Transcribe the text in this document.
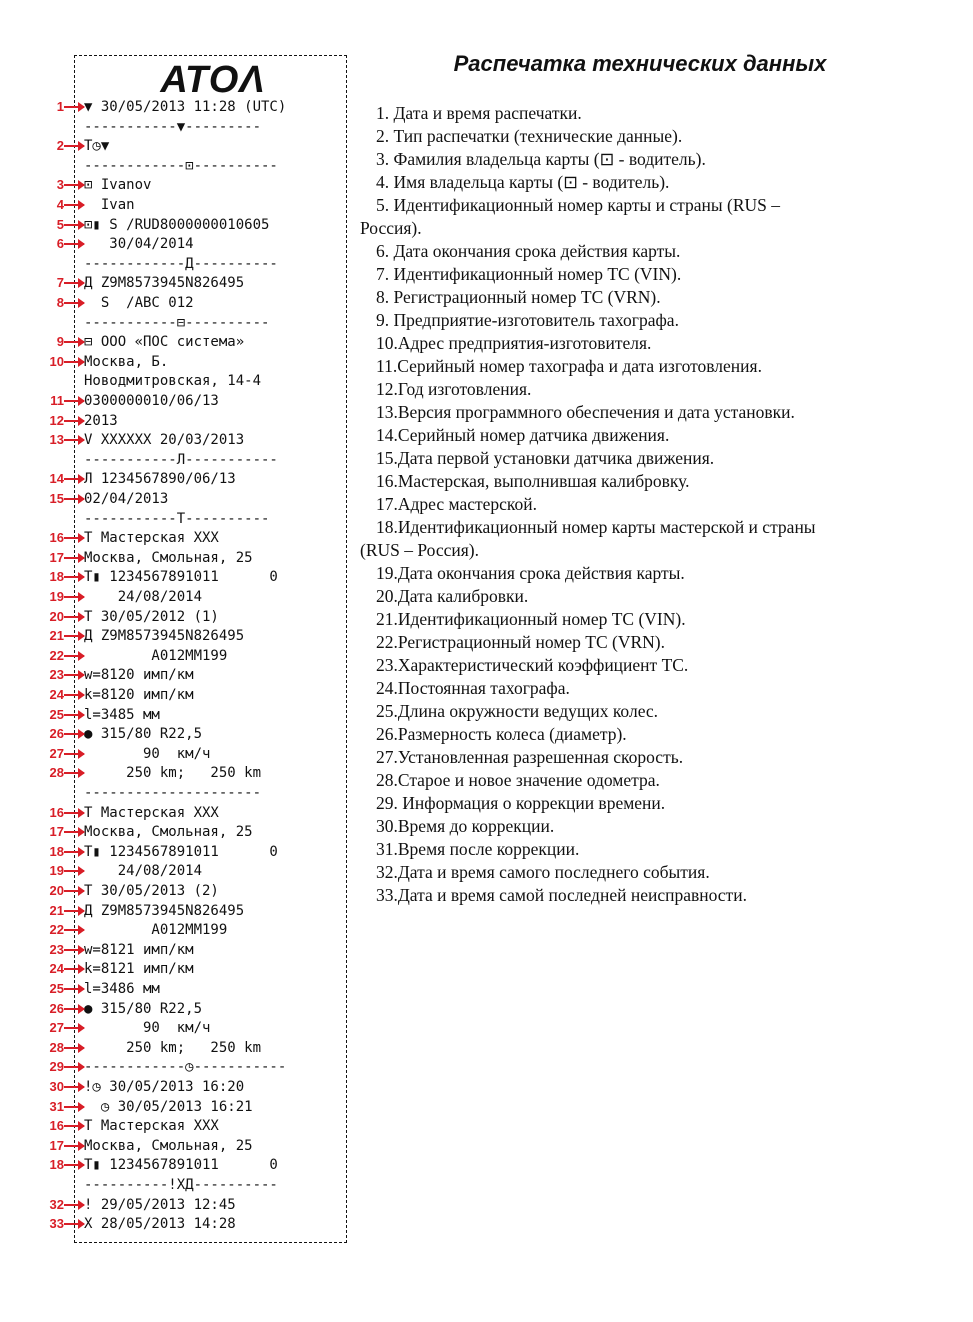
АТОΛ
▼ 30/05/2013 11:28 (UTC)
1
-----------▼---------
T◷▼
2
------------⊡----------
⊡ Ivanov
3
Ivan
4
⊡▮ S /RUD8000000010605
5
30/04/2014
6
------------Д----------
Д Z9M8573945N826495
7
S  /ABC 012
8
-----------⊟----------
⊟ ООО «ПОС система»
9
Москва, Б.
10
Новодмитровская, 14-4
0300000010/06/13
11
2013
12
V XXXXXX 20/03/2013
13
-----------Л-----------
Л 1234567890/06/13
14
02/04/2013
15
-----------T----------
T Мастерская XXX
16
Москва, Смольная, 25
17
T▮ 1234567891011      0
18
24/08/2014
19
T 30/05/2012 (1)
20
Д Z9M8573945N826495
21
A012MM199
22
w=8120 имп/км
23
k=8120 имп/км
24
l=3485 мм
25
● 315/80 R22,5
26
90  км/ч
27
250 km;   250 km
28
---------------------
T Мастерская XXX
16
Москва, Смольная, 25
17
T▮ 1234567891011      0
18
24/08/2014
19
T 30/05/2013 (2)
20
Д Z9M8573945N826495
21
A012MM199
22
w=8121 имп/км
23
k=8121 имп/км
24
l=3486 мм
25
● 315/80 R22,5
26
90  км/ч
27
250 km;   250 km
28
------------◷-----------
29
!◷ 30/05/2013 16:20
30
◷ 30/05/2013 16:21
31
T Мастерская XXX
16
Москва, Смольная, 25
17
T▮ 1234567891011      0
18
----------!XД----------
! 29/05/2013 12:45
32
X 28/05/2013 14:28
33
Распечатка технических данных
1. Дата и время распечатки.
2. Тип распечатки (технические данные).
3. Фамилия владельца карты (⊡ - водитель).
4. Имя владельца карты (⊡ - водитель).
5. Идентификационный номер карты и страны (RUS –
Россия).
6. Дата окончания срока действия карты.
7. Идентификационный номер ТС (VIN).
8. Регистрационный номер ТС (VRN).
9. Предприятие-изготовитель тахографа.
10.Адрес предприятия-изготовителя.
11.Серийный номер тахографа и дата изготовления.
12.Год изготовления.
13.Версия программного обеспечения и дата установки.
14.Серийный номер датчика движения.
15.Дата первой установки датчика движения.
16.Мастерская, выполнившая калибровку.
17.Адрес мастерской.
18.Идентификационный номер карты мастерской и страны
(RUS – Россия).
19.Дата окончания срока действия карты.
20.Дата калибровки.
21.Идентификационный номер ТС (VIN).
22.Регистрационный номер ТС (VRN).
23.Характеристический коэффициент ТС.
24.Постоянная тахографа.
25.Длина окружности ведущих колес.
26.Размерность колеса (диаметр).
27.Установленная разрешенная скорость.
28.Старое и новое значение одометра.
29. Информация о коррекции времени.
30.Время до коррекции.
31.Время после коррекции.
32.Дата и время самого последнего события.
33.Дата и время самой последней неисправности.
